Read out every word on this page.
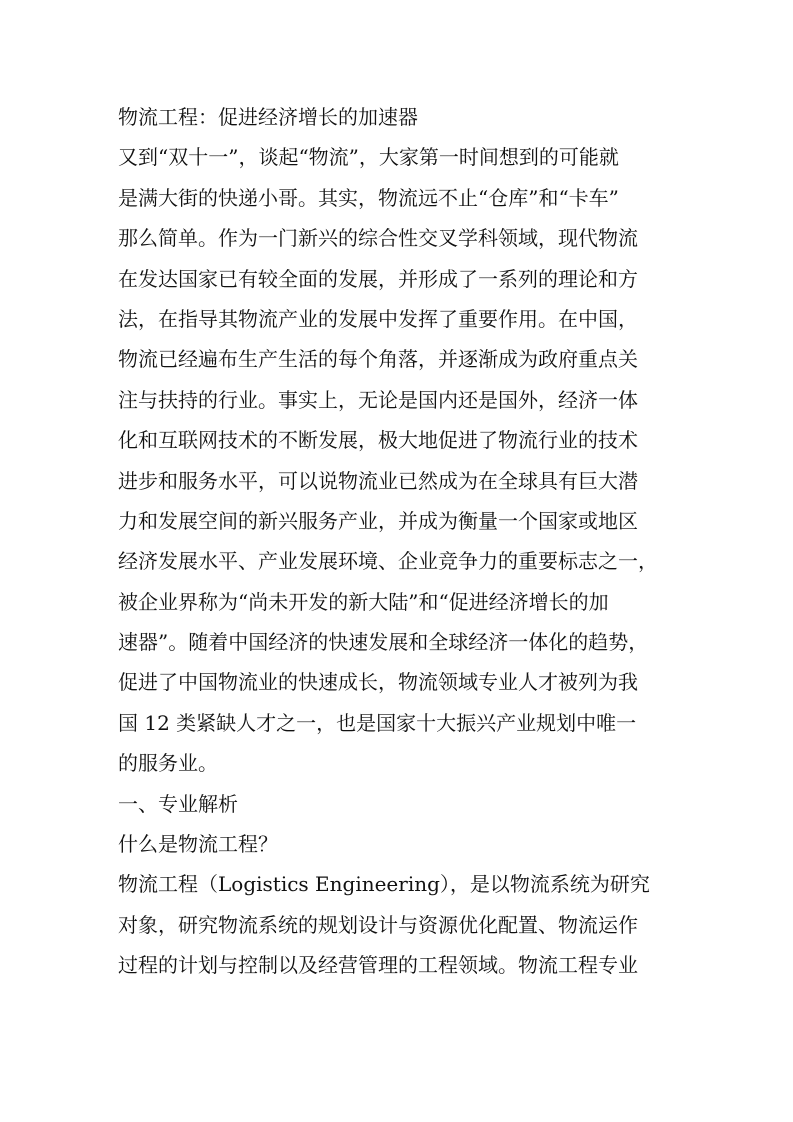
物流工程：促进经济增长的加速器
又到“双十一”，谈起“物流”，大家第一时间想到的可能就
是满大街的快递小哥。其实，物流远不止“仓库”和“卡车”
那么简单。作为一门新兴的综合性交叉学科领域，现代物流
在发达国家已有较全面的发展，并形成了一系列的理论和方
法，在指导其物流产业的发展中发挥了重要作用。在中国，
物流已经遍布生产生活的每个角落，并逐渐成为政府重点关
注与扶持的行业。事实上，无论是国内还是国外，经济一体
化和互联网技术的不断发展，极大地促进了物流行业的技术
进步和服务水平，可以说物流业已然成为在全球具有巨大潜
力和发展空间的新兴服务产业，并成为衡量一个国家或地区
经济发展水平、产业发展环境、企业竞争力的重要标志之一，
被企业界称为“尚未开发的新大陆”和“促进经济增长的加
速器”。随着中国经济的快速发展和全球经济一体化的趋势，
促进了中国物流业的快速成长，物流领域专业人才被列为我
国 12 类紧缺人才之一，也是国家十大振兴产业规划中唯一
的服务业。
一、专业解析
什么是物流工程？
物流工程（Logistics Engineering），是以物流系统为研究
对象，研究物流系统的规划设计与资源优化配置、物流运作
过程的计划与控制以及经营管理的工程领域。物流工程专业
